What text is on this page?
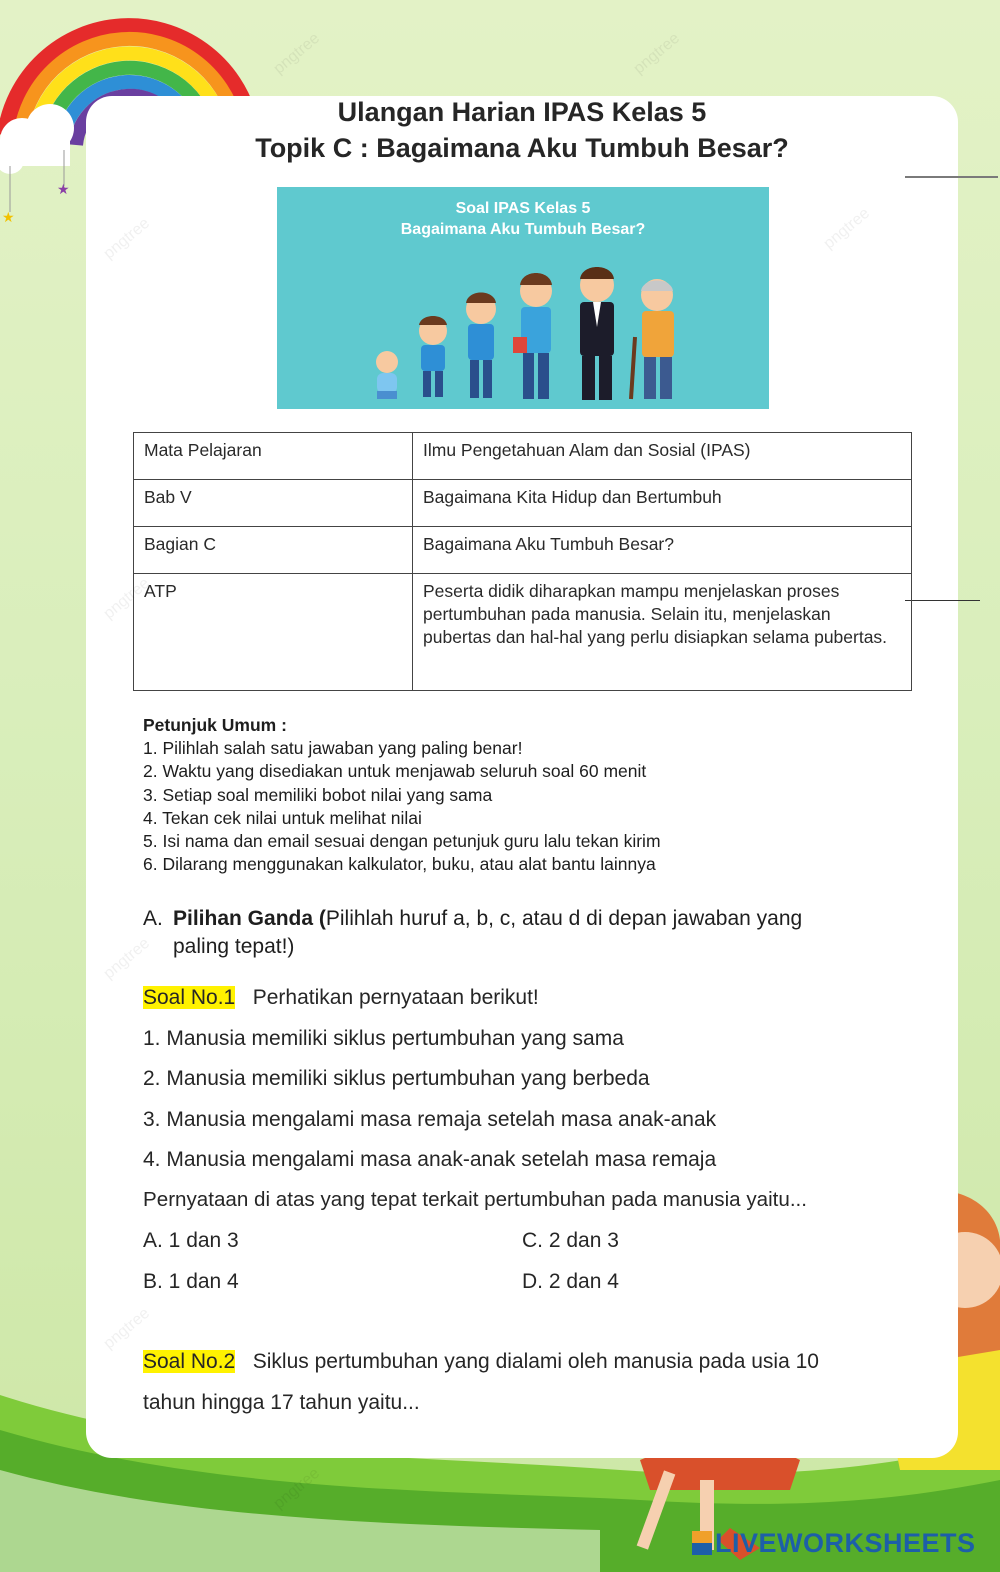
★
★
Ulangan Harian IPAS Kelas 5
Topik C : Bagaimana Aku Tumbuh Besar?
Soal IPAS Kelas 5
Bagaimana Aku Tumbuh Besar?
Mata Pelajaran	Ilmu Pengetahuan Alam dan Sosial (IPAS)
Bab V	Bagaimana Kita Hidup dan Bertumbuh
Bagian C	Bagaimana Aku Tumbuh Besar?
ATP	Peserta didik diharapkan mampu menjelaskan proses pertumbuhan pada manusia. Selain itu, menjelaskan pubertas dan hal-hal yang perlu disiapkan selama pubertas.
Petunjuk Umum :
1. Pilihlah salah satu jawaban yang paling benar!
2. Waktu yang disediakan untuk menjawab seluruh soal 60 menit
3. Setiap soal memiliki bobot nilai yang sama
4. Tekan cek nilai untuk melihat nilai
5. Isi nama dan email sesuai dengan petunjuk guru lalu tekan kirim
6. Dilarang menggunakan kalkulator, buku, atau alat bantu lainnya
A. Pilihan Ganda (Pilihlah huruf a, b, c, atau d di depan jawaban yang
paling tepat!)
Soal No.1 Perhatikan pernyataan berikut!
1. Manusia memiliki siklus pertumbuhan yang sama
2. Manusia memiliki siklus pertumbuhan yang berbeda
3. Manusia mengalami masa remaja setelah masa anak-anak
4. Manusia mengalami masa anak-anak setelah masa remaja
Pernyataan di atas yang tepat terkait pertumbuhan pada manusia yaitu...
A. 1 dan 3	C. 2 dan 3
B. 1 dan 4	D. 2 dan 4
Soal No.2 Siklus pertumbuhan yang dialami oleh manusia pada usia 10
tahun hingga 17 tahun yaitu...
LIVEWORKSHEETS
pngtree	pngtree
